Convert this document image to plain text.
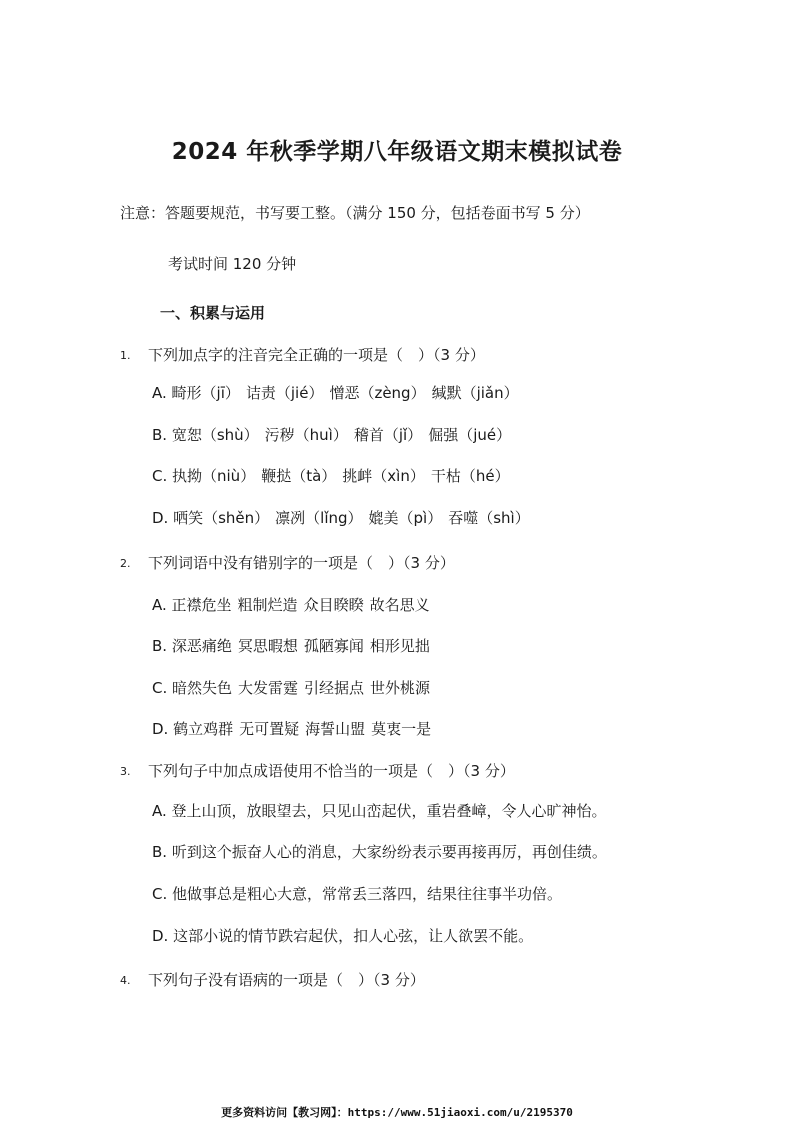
2024 年秋季学期八年级语文期末模拟试卷
注意：答题要规范，书写要工整。（满分 150 分，包括卷面书写 5 分）
考试时间 120 分钟
一、积累与运用
1. 下列加点字的注音完全正确的一项是（　）（3 分）
A. 畸形（jī） 诘责（jié） 憎恶（zèng） 缄默（jiǎn）
B. 宽恕（shù） 污秽（huì） 稽首（jǐ） 倔强（jué）
C. 执拗（niù） 鞭挞（tà） 挑衅（xìn） 干枯（hé）
D. 哂笑（shěn） 凛冽（lǐng） 媲美（pì） 吞噬（shì）
2. 下列词语中没有错别字的一项是（　）（3 分）
A. 正襟危坐 粗制烂造 众目睽睽 故名思义
B. 深恶痛绝 冥思暇想 孤陋寡闻 相形见拙
C. 暗然失色 大发雷霆 引经据点 世外桃源
D. 鹤立鸡群 无可置疑 海誓山盟 莫衷一是
3. 下列句子中加点成语使用不恰当的一项是（　）（3 分）
A. 登上山顶，放眼望去，只见山峦起伏，重岩叠嶂，令人心旷神怡。
B. 听到这个振奋人心的消息，大家纷纷表示要再接再厉，再创佳绩。
C. 他做事总是粗心大意，常常丢三落四，结果往往事半功倍。
D. 这部小说的情节跌宕起伏，扣人心弦，让人欲罢不能。
4. 下列句子没有语病的一项是（　）（3 分）
更多资料访问【教习网】：https://www.51jiaoxi.com/u/2195370
